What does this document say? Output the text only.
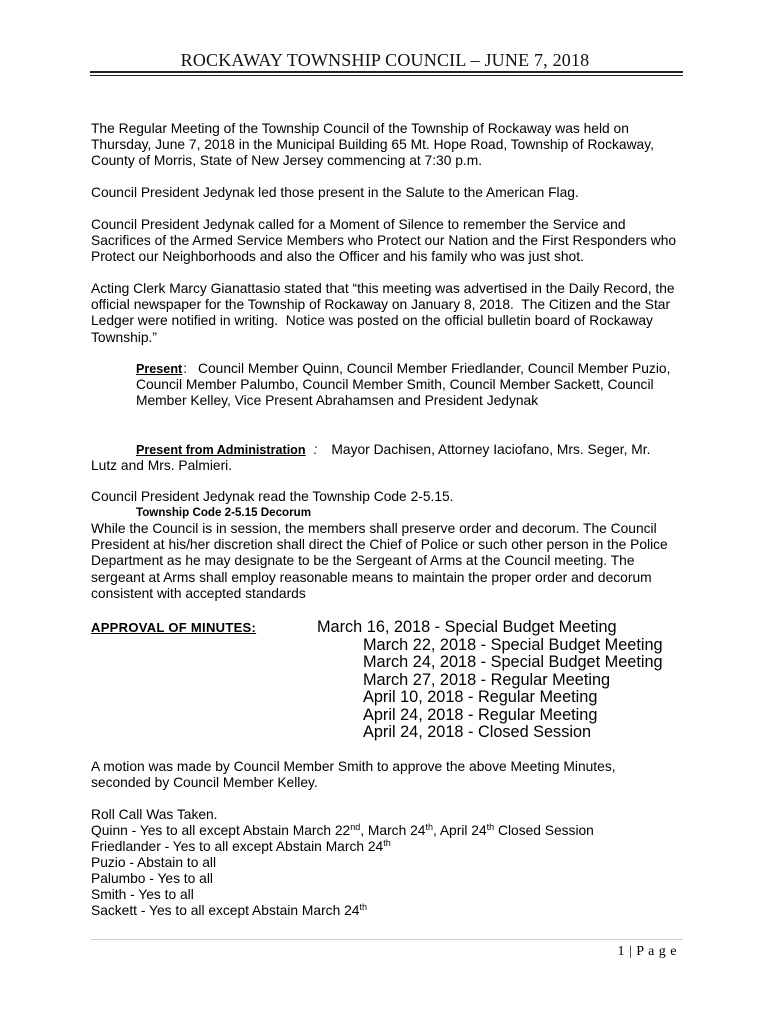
ROCKAWAY TOWNSHIP COUNCIL – JUNE 7, 2018
The Regular Meeting of the Township Council of the Township of Rockaway was held on
Thursday, June 7, 2018 in the Municipal Building 65 Mt. Hope Road, Township of Rockaway,
County of Morris, State of New Jersey commencing at 7:30 p.m.
Council President Jedynak led those present in the Salute to the American Flag.
Council President Jedynak called for a Moment of Silence to remember the Service and
Sacrifices of the Armed Service Members who Protect our Nation and the First Responders who
Protect our Neighborhoods and also the Officer and his family who was just shot.
Acting Clerk Marcy Gianattasio stated that “this meeting was advertised in the Daily Record, the
official newspaper for the Township of Rockaway on January 8, 2018.  The Citizen and the Star
Ledger were notified in writing.  Notice was posted on the official bulletin board of Rockaway
Township.”
Present: Council Member Quinn, Council Member Friedlander, Council Member Puzio,
Council Member Palumbo, Council Member Smith, Council Member Sackett, Council
Member Kelley, Vice Present Abrahamsen and President Jedynak
Present from Administration : Mayor Dachisen, Attorney Iaciofano, Mrs. Seger, Mr.
Lutz and Mrs. Palmieri.
Council President Jedynak read the Township Code 2-5.15.
Township Code 2-5.15 Decorum
While the Council is in session, the members shall preserve order and decorum. The Council
President at his/her discretion shall direct the Chief of Police or such other person in the Police
Department as he may designate to be the Sergeant of Arms at the Council meeting. The
sergeant at Arms shall employ reasonable means to maintain the proper order and decorum
consistent with accepted standards
APPROVAL OF MINUTES:	March 16, 2018 - Special Budget Meeting
March 22, 2018 - Special Budget Meeting
March 24, 2018 - Special Budget Meeting
March 27, 2018 - Regular Meeting
April 10, 2018 - Regular Meeting
April 24, 2018 - Regular Meeting
April 24, 2018 - Closed Session
A motion was made by Council Member Smith to approve the above Meeting Minutes,
seconded by Council Member Kelley.
Roll Call Was Taken.
Quinn - Yes to all except Abstain March 22nd, March 24th, April 24th Closed Session
Friedlander - Yes to all except Abstain March 24th
Puzio - Abstain to all
Palumbo - Yes to all
Smith - Yes to all
Sackett - Yes to all except Abstain March 24th
1 | P a g e
